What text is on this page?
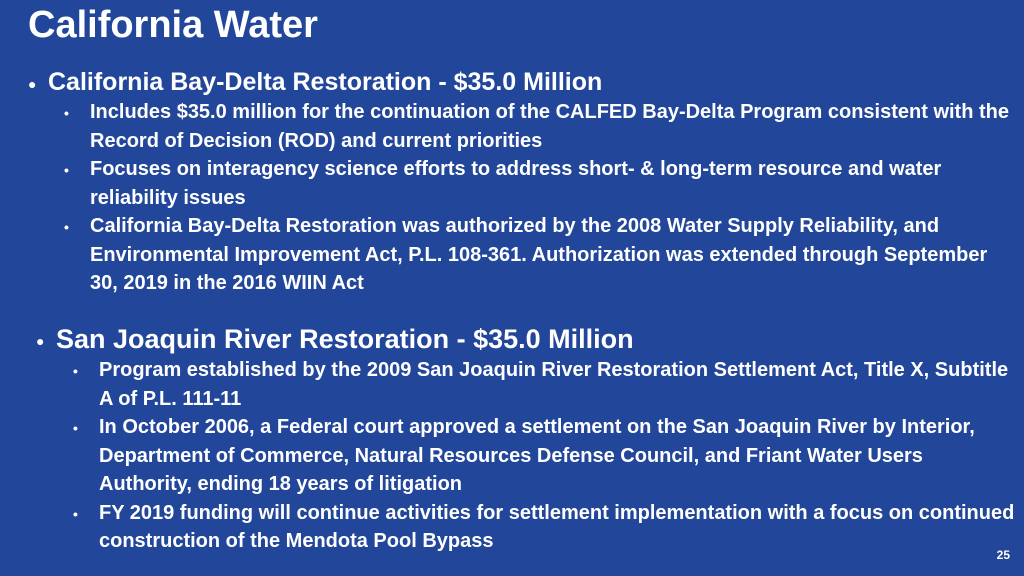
California Water
● California Bay-Delta Restoration - $35.0 Million
• Includes $35.0 million for the continuation of the CALFED Bay-Delta Program consistent with the Record of Decision (ROD) and current priorities
• Focuses on interagency science efforts to address short- & long-term resource and water reliability issues
• California Bay-Delta Restoration was authorized by the 2008 Water Supply Reliability, and Environmental Improvement Act, P.L. 108-361. Authorization was extended through September 30, 2019 in the 2016 WIIN Act
● San Joaquin River Restoration - $35.0 Million
• Program established by the 2009 San Joaquin River Restoration Settlement Act, Title X, Subtitle A of P.L. 111-11
• In October 2006, a Federal court approved a settlement on the San Joaquin River by Interior, Department of Commerce, Natural Resources Defense Council, and Friant Water Users Authority, ending 18 years of litigation
• FY 2019 funding will continue activities for settlement implementation with a focus on continued construction of the Mendota Pool Bypass
25
